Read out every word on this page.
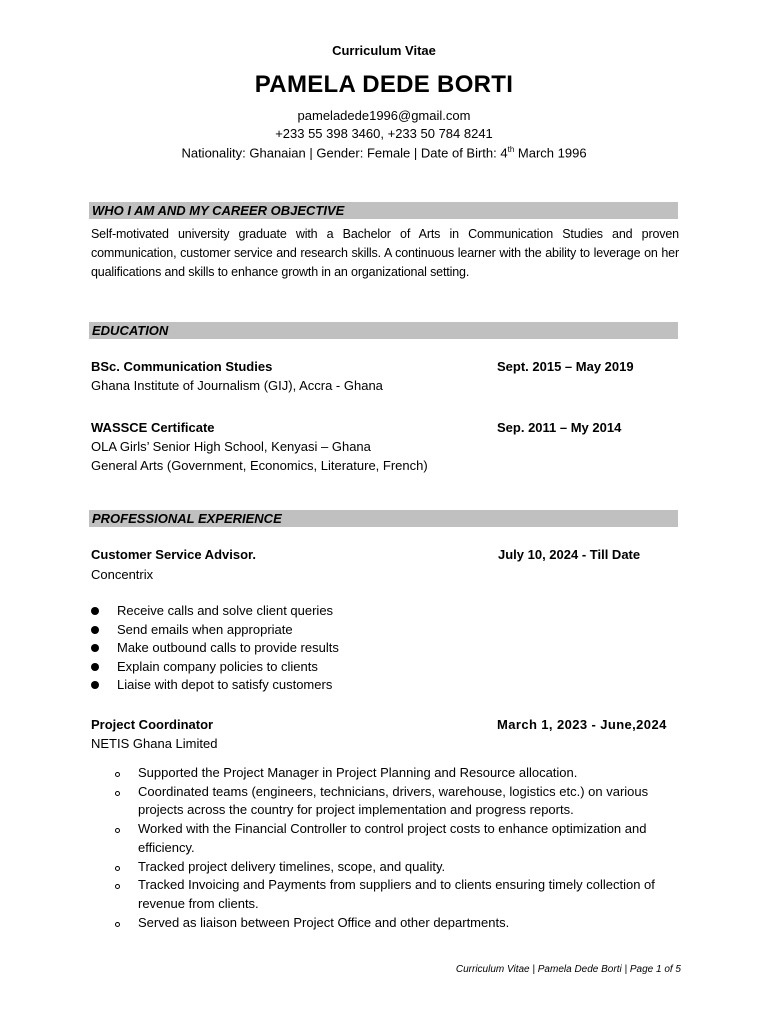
Curriculum Vitae
PAMELA DEDE BORTI
pameladede1996@gmail.com
+233 55 398 3460, +233 50 784 8241
Nationality: Ghanaian | Gender: Female | Date of Birth: 4th March 1996
WHO I AM AND MY CAREER OBJECTIVE
Self-motivated university graduate with a Bachelor of Arts in Communication Studies and proven communication, customer service and research skills. A continuous learner with the ability to leverage on her qualifications and skills to enhance growth in an organizational setting.
EDUCATION
BSc. Communication Studies	Sept. 2015 – May 2019
Ghana Institute of Journalism (GIJ), Accra - Ghana
WASSCE Certificate	Sep. 2011 – My 2014
OLA Girls’ Senior High School, Kenyasi – Ghana
General Arts (Government, Economics, Literature, French)
PROFESSIONAL EXPERIENCE
Customer Service Advisor.	July 10, 2024 - Till Date
Concentrix
Receive calls and solve client queries
Send emails when appropriate
Make outbound calls to provide results
Explain company policies to clients
Liaise with depot to satisfy customers
Project Coordinator	March 1, 2023 - June,2024
NETIS Ghana Limited
Supported the Project Manager in Project Planning and Resource allocation.
Coordinated teams (engineers, technicians, drivers, warehouse, logistics etc.) on various projects across the country for project implementation and progress reports.
Worked with the Financial Controller to control project costs to enhance optimization and efficiency.
Tracked project delivery timelines, scope, and quality.
Tracked Invoicing and Payments from suppliers and to clients ensuring timely collection of revenue from clients.
Served as liaison between Project Office and other departments.
Curriculum Vitae | Pamela Dede Borti | Page 1 of 5
